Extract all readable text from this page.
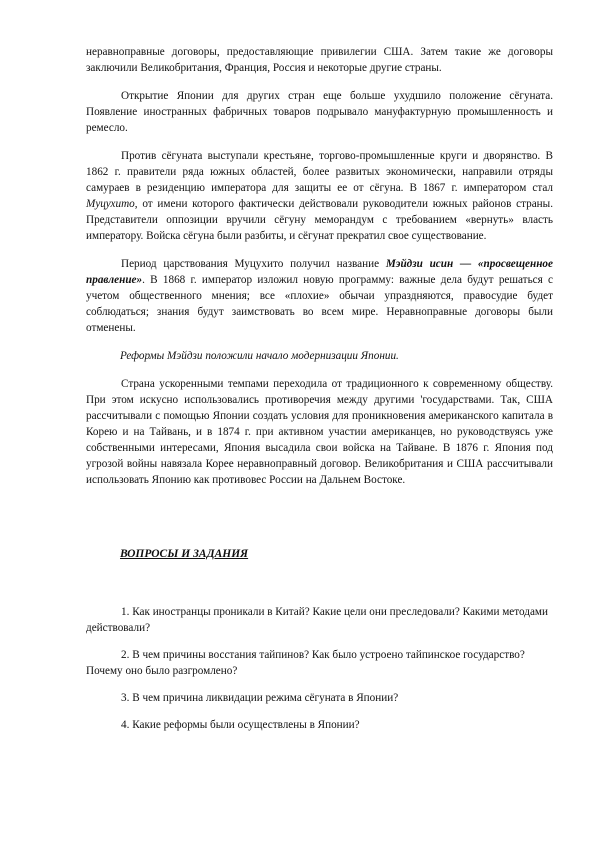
неравноправные договоры, предоставляющие привилегии США. Затем такие же договоры заключили Великобритания, Франция, Россия и некоторые другие страны.

Открытие Японии для других стран еще больше ухудшило положение сёгуната. Появление иностранных фабричных товаров подрывало мануфактурную промышленность и ремесло.

Против сёгуната выступали крестьяне, торгово-промышленные круги и дворянство. В 1862 г. правители ряда южных областей, более развитых экономически, направили отряды самураев в резиденцию императора для защиты ее от сёгуна. В 1867 г. императором стал Муцухито, от имени которого фактически действовали руководители южных районов страны. Представители оппозиции вручили сёгуну меморандум с требованием «вернуть» власть императору. Войска сёгуна были разбиты, и сёгунат прекратил свое существование.

Период царствования Муцухито получил название Мэйдзи исин — «просвещенное правление». В 1868 г. император изложил новую программу: важные дела будут решаться с учетом общественного мнения; все «плохие» обычаи упраздняются, правосудие будет соблюдаться; знания будут заимствовать во всем мире. Неравноправные договоры были отменены.

Реформы Мэйдзи положили начало модернизации Японии.

Страна ускоренными темпами переходила от традиционного к современному обществу. При этом искусно использовались противоречия между другими 'государствами. Так, США рассчитывали с помощью Японии создать условия для проникновения американского капитала в Корею и на Тайвань, и в 1874 г. при активном участии американцев, но руководствуясь уже собственными интересами, Япония высадила свои войска на Тайване. В 1876 г. Япония под угрозой войны навязала Корее неравноправный договор. Великобритания и США рассчитывали использовать Японию как противовес России на Дальнем Востоке.

ВОПРОСЫ И ЗАДАНИЯ

1. Как иностранцы проникали в Китай? Какие цели они преследовали? Какими методами действовали?

2. В чем причины восстания тайпинов? Как было устроено тайпинское государство? Почему оно было разгромлено?

3. В чем причина ликвидации режима сёгуната в Японии?

4. Какие реформы были осуществлены в Японии?
